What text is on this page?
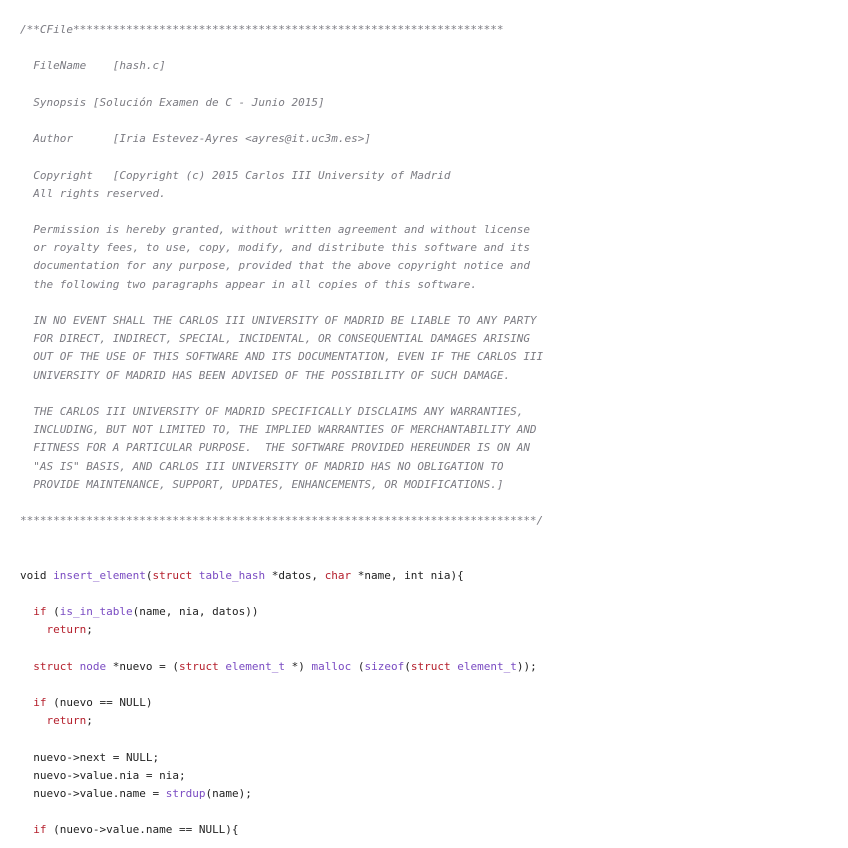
/**CFile*****************************************************************
FileName    [hash.c]
Synopsis [Solución Examen de C - Junio 2015]
Author      [Iria Estevez-Ayres <ayres@it.uc3m.es>]
Copyright   [Copyright (c) 2015 Carlos III University of Madrid
All rights reserved.
Permission is hereby granted, without written agreement and without license
or royalty fees, to use, copy, modify, and distribute this software and its
documentation for any purpose, provided that the above copyright notice and
the following two paragraphs appear in all copies of this software.
IN NO EVENT SHALL THE CARLOS III UNIVERSITY OF MADRID BE LIABLE TO ANY PARTY
FOR DIRECT, INDIRECT, SPECIAL, INCIDENTAL, OR CONSEQUENTIAL DAMAGES ARISING
OUT OF THE USE OF THIS SOFTWARE AND ITS DOCUMENTATION, EVEN IF THE CARLOS III
UNIVERSITY OF MADRID HAS BEEN ADVISED OF THE POSSIBILITY OF SUCH DAMAGE.
THE CARLOS III UNIVERSITY OF MADRID SPECIFICALLY DISCLAIMS ANY WARRANTIES,
INCLUDING, BUT NOT LIMITED TO, THE IMPLIED WARRANTIES OF MERCHANTABILITY AND
FITNESS FOR A PARTICULAR PURPOSE.  THE SOFTWARE PROVIDED HEREUNDER IS ON AN
"AS IS" BASIS, AND CARLOS III UNIVERSITY OF MADRID HAS NO OBLIGATION TO
PROVIDE MAINTENANCE, SUPPORT, UPDATES, ENHANCEMENTS, OR MODIFICATIONS.]
******************************************************************************/
void insert_element(struct table_hash *datos, char *name, int nia){
if (is_in_table(name, nia, datos))
return;
struct node *nuevo = (struct element_t *) malloc (sizeof(struct element_t));
if (nuevo == NULL)
return;
nuevo->next = NULL;
nuevo->value.nia = nia;
nuevo->value.name = strdup(name);
if (nuevo->value.name == NULL){
